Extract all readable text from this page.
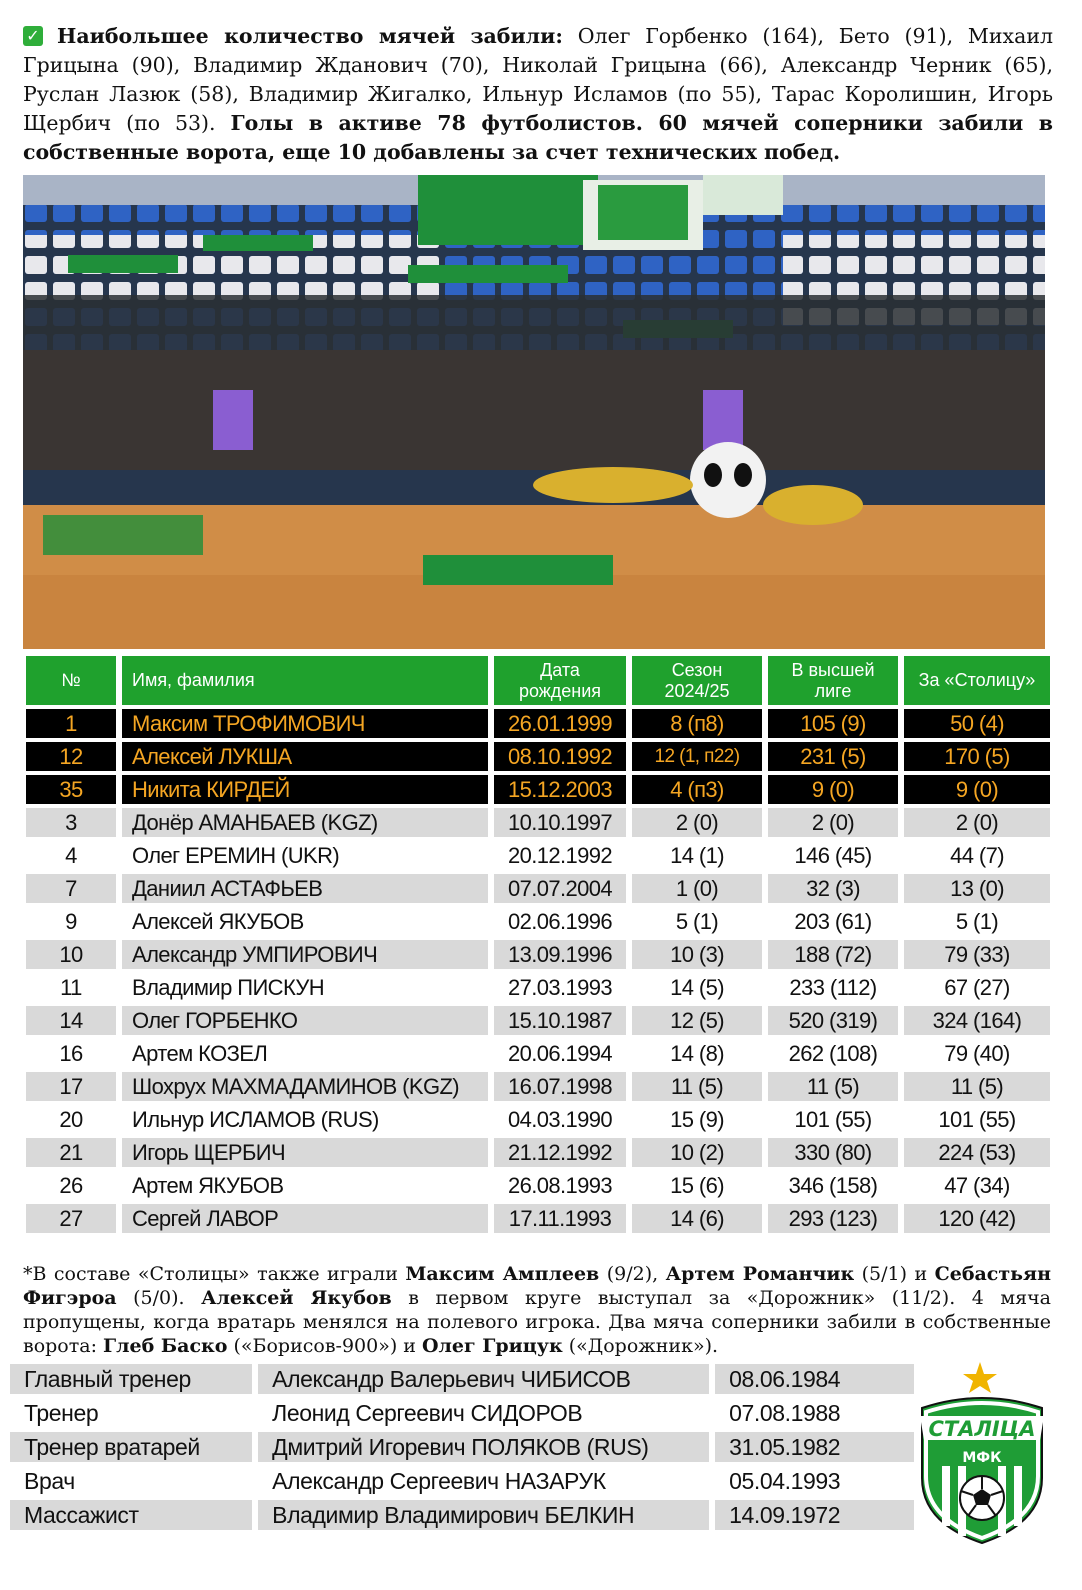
✓ Наибольшее количество мячей забили: Олег Горбенко (164), Бето (91), Михаил Грицына (90), Владимир Жданович (70), Николай Грицына (66), Александр Черник (65), Руслан Лазюк (58), Владимир Жигалко, Ильнур Исламов (по 55), Тарас Королишин, Игорь Щербич (по 53). Голы в активе 78 футболистов. 60 мячей соперники забили в собственные ворота, еще 10 добавлены за счет технических побед.
№	Имя, фамилия	Дата рождения	Сезон 2024/25	В высшей лиге	За «Столицу»
1	Максим ТРОФИМОВИЧ	26.01.1999	8 (п8)	105 (9)	50 (4)
12	Алексей ЛУКША	08.10.1992	12 (1, п22)	231 (5)	170 (5)
35	Никита КИРДЕЙ	15.12.2003	4 (п3)	9 (0)	9 (0)
3	Донёр АМАНБАЕВ (KGZ)	10.10.1997	2 (0)	2 (0)	2 (0)
4	Олег ЕРЕМИН (UKR)	20.12.1992	14 (1)	146 (45)	44 (7)
7	Даниил АСТАФЬЕВ	07.07.2004	1 (0)	32 (3)	13 (0)
9	Алексей ЯКУБОВ	02.06.1996	5 (1)	203 (61)	5 (1)
10	Александр УМПИРОВИЧ	13.09.1996	10 (3)	188 (72)	79 (33)
11	Владимир ПИСКУН	27.03.1993	14 (5)	233 (112)	67 (27)
14	Олег ГОРБЕНКО	15.10.1987	12 (5)	520 (319)	324 (164)
16	Артем КОЗЕЛ	20.06.1994	14 (8)	262 (108)	79 (40)
17	Шохрух МАХМАДАМИНОВ (KGZ)	16.07.1998	11 (5)	11 (5)	11 (5)
20	Ильнур ИСЛАМОВ (RUS)	04.03.1990	15 (9)	101 (55)	101 (55)
21	Игорь ЩЕРБИЧ	21.12.1992	10 (2)	330 (80)	224 (53)
26	Артем ЯКУБОВ	26.08.1993	15 (6)	346 (158)	47 (34)
27	Сергей ЛАВОР	17.11.1993	14 (6)	293 (123)	120 (42)
*В составе «Столицы» также играли Максим Амплеев (9/2), Артем Романчик (5/1) и Себастьян Фигэроа (5/0). Алексей Якубов в первом круге выступал за «Дорожник» (11/2). 4 мяча пропущены, когда вратарь менялся на полевого игрока. Два мяча соперники забили в собственные ворота: Глеб Баско («Борисов-900») и Олег Грицук («Дорожник»).
Главный тренер	Александр Валерьевич ЧИБИСОВ	08.06.1984
Тренер	Леонид Сергеевич СИДОРОВ	07.08.1988
Тренер вратарей	Дмитрий Игоревич ПОЛЯКОВ (RUS)	31.05.1982
Врач	Александр Сергеевич НАЗАРУК	05.04.1993
Массажист	Владимир Владимирович БЕЛКИН	14.09.1972
СТАЛІЦА
МФК
